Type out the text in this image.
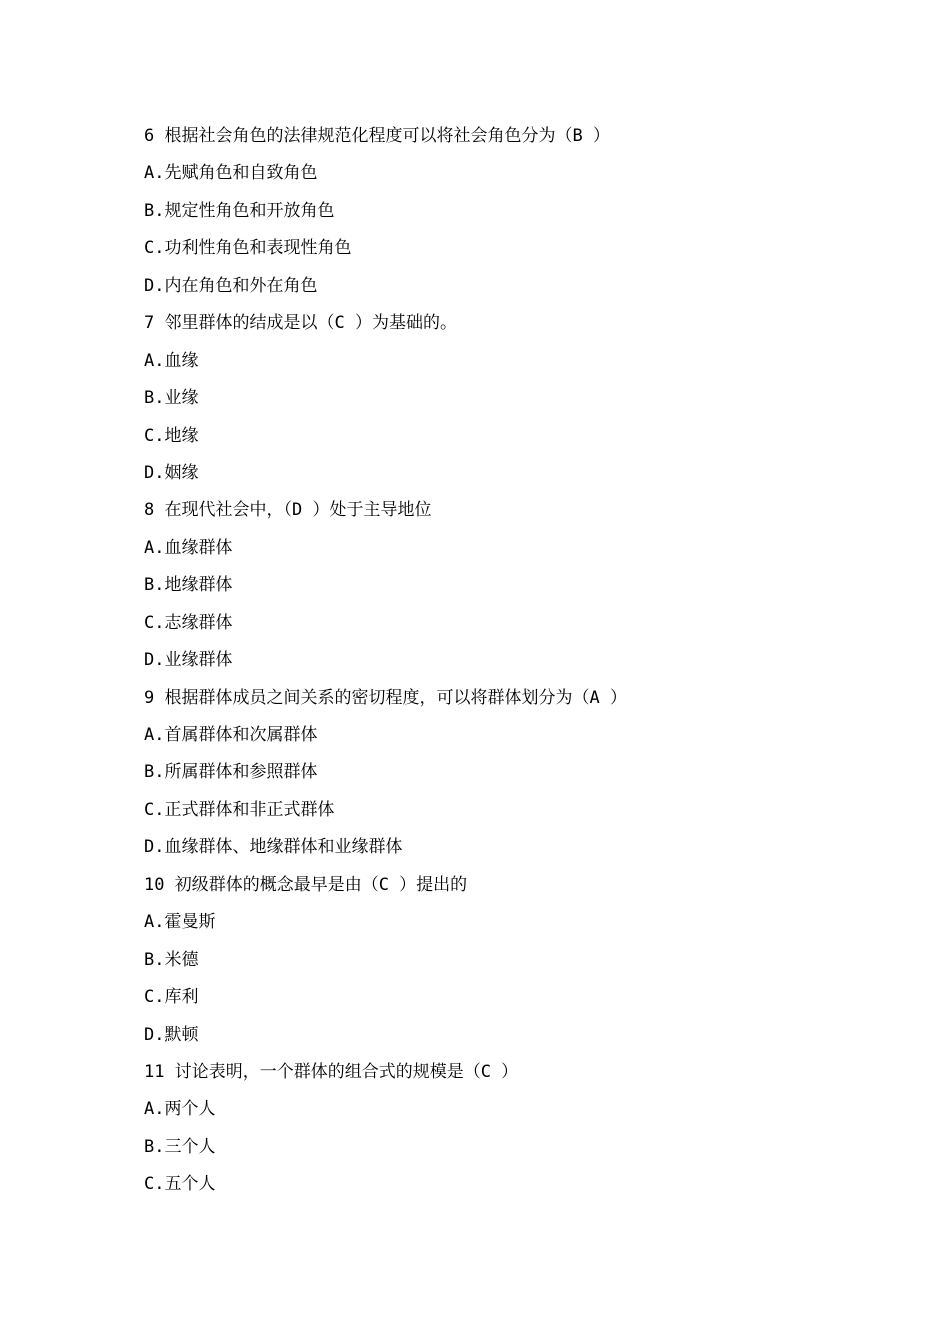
6 根据社会角色的法律规范化程度可以将社会角色分为（B ）
A.先赋角色和自致角色
B.规定性角色和开放角色
C.功利性角色和表现性角色
D.内在角色和外在角色
7 邻里群体的结成是以（C ）为基础的。
A.血缘
B.业缘
C.地缘
D.姻缘
8 在现代社会中，（D ）处于主导地位
A.血缘群体
B.地缘群体
C.志缘群体
D.业缘群体
9 根据群体成员之间关系的密切程度，可以将群体划分为（A ）
A.首属群体和次属群体
B.所属群体和参照群体
C.正式群体和非正式群体
D.血缘群体、地缘群体和业缘群体
10 初级群体的概念最早是由（C ）提出的
A.霍曼斯
B.米德
C.库利
D.默顿
11 讨论表明，一个群体的组合式的规模是（C ）
A.两个人
B.三个人
C.五个人
